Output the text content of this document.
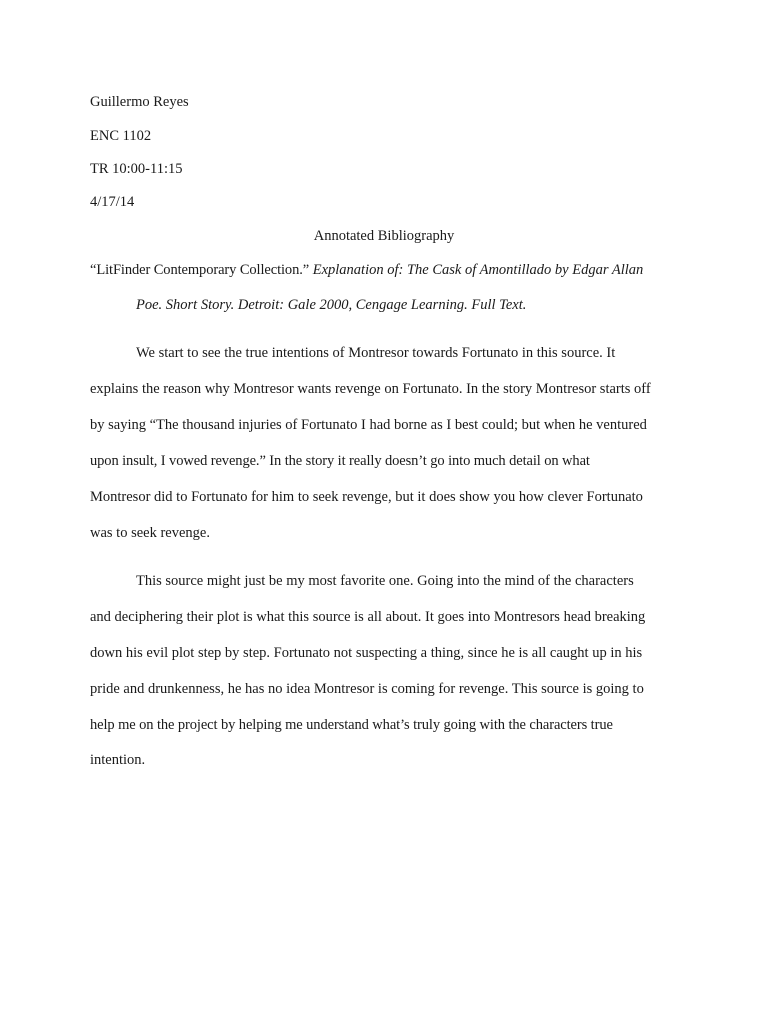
Guillermo Reyes
ENC 1102
TR 10:00-11:15
4/17/14
Annotated Bibliography
“LitFinder Contemporary Collection.” Explanation of: The Cask of Amontillado by Edgar Allan
Poe. Short Story. Detroit: Gale 2000, Cengage Learning. Full Text.
We start to see the true intentions of Montresor towards Fortunato in this source. It
explains the reason why Montresor wants revenge on Fortunato. In the story Montresor starts off
by saying “The thousand injuries of Fortunato I had borne as I best could; but when he ventured
upon insult, I vowed revenge.” In the story it really doesn’t go into much detail on what
Montresor did to Fortunato for him to seek revenge, but it does show you how clever Fortunato
was to seek revenge.
This source might just be my most favorite one. Going into the mind of the characters
and deciphering their plot is what this source is all about. It goes into Montresors head breaking
down his evil plot step by step. Fortunato not suspecting a thing, since he is all caught up in his
pride and drunkenness, he has no idea Montresor is coming for revenge. This source is going to
help me on the project by helping me understand what’s truly going with the characters true
intention.
